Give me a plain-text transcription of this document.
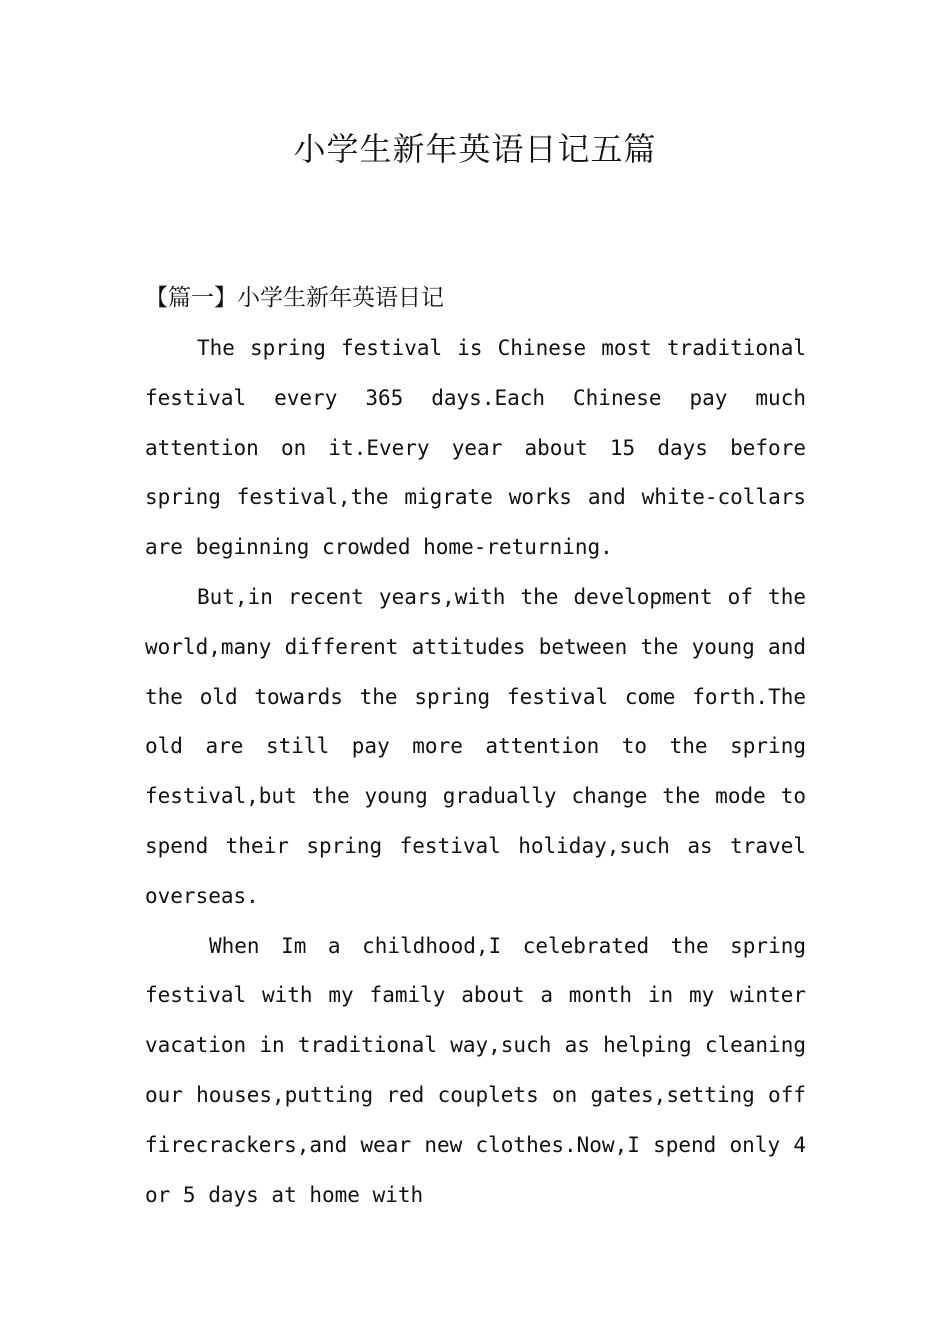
小学生新年英语日记五篇
【篇一】小学生新年英语日记

The spring festival is Chinese most traditional festival every 365 days.Each Chinese pay much attention on it.Every year about 15 days before spring festival,the migrate works and white-collars are beginning crowded home-returning.

But,in recent years,with the development of the world,many different attitudes between the young and the old towards the spring festival come forth.The old are still pay more attention to the spring festival,but the young gradually change the mode to spend their spring festival holiday,such as travel overseas.

When Im a childhood,I celebrated the spring festival with my family about a month in my winter vacation in traditional way,such as helping cleaning our houses,putting red couplets on gates,setting off firecrackers,and wear new clothes.Now,I spend only 4 or 5 days at home with
